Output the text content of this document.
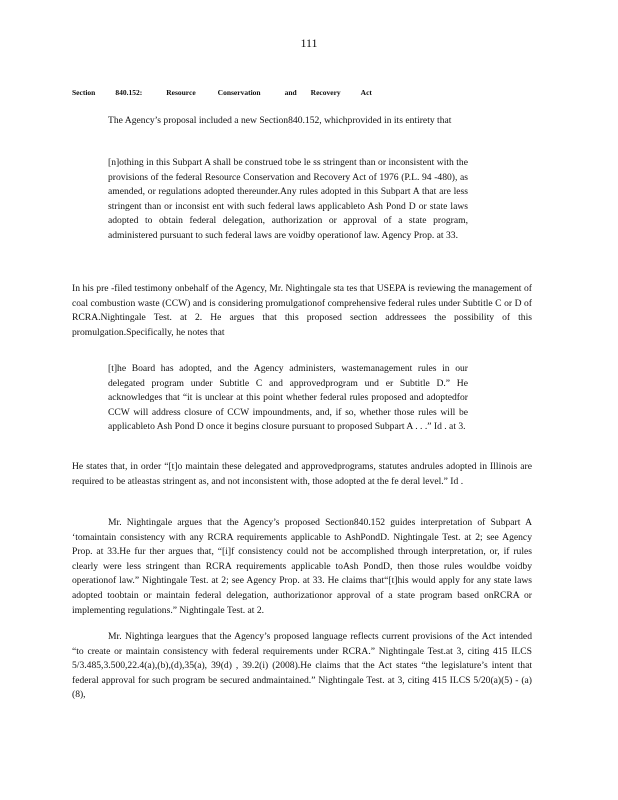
111
Section	840.152:	Resource	Conservation	and Recovery	Act

The Agency’s proposal included a new Section840.152, whichprovided in its entirety that

[n]othing in this Subpart A shall be construed tobe le ss stringent than or inconsistent with the provisions of the federal Resource Conservation and Recovery Act of 1976 (P.L. 94 -480), as amended, or regulations adopted thereunder.Any rules adopted in this Subpart A that are less stringent than or inconsist ent with such federal laws applicableto Ash Pond D or state laws adopted to obtain federal delegation, authorization or approval of a state program, administered pursuant to such federal laws are voidby operationof law. Agency Prop. at 33.

In his pre -filed testimony onbehalf of the Agency, Mr. Nightingale sta tes that USEPA is reviewing the management of coal combustion waste (CCW) and is considering promulgationof comprehensive federal rules under Subtitle C or D of RCRA.Nightingale Test. at 2. He argues that this proposed section addressees the possibility of this promulgation.Specifically, he notes that

[t]he Board has adopted, and the Agency administers, wastemanagement rules in our delegated program under Subtitle C and approvedprogram und er Subtitle D.” He acknowledges that “it is unclear at this point whether federal rules proposed and adoptedfor CCW will address closure of CCW impoundments, and, if so, whether those rules will be applicableto Ash Pond D once it begins closure pursuant to proposed Subpart A . . .” Id . at 3.

He states that, in order “[t]o maintain these delegated and approvedprograms, statutes andrules adopted in Illinois are required to be atleastas stringent as, and not inconsistent with, those adopted at the fe deral level.” Id .

Mr. Nightingale argues that the Agency’s proposed Section840.152 guides interpretation of Subpart A ‘tomaintain consistency with any RCRA requirements applicable to AshPondD. Nightingale Test. at 2; see Agency Prop. at 33.He fur ther argues that, “[i]f consistency could not be accomplished through interpretation, or, if rules clearly were less stringent than RCRA requirements applicable toAsh PondD, then those rules wouldbe voidby operationof law.” Nightingale Test. at 2; see Agency Prop. at 33. He claims that“[t]his would apply for any state laws adopted toobtain or maintain federal delegation, authorizationor approval of a state program based onRCRA or implementing regulations.” Nightingale Test. at 2.

Mr. Nightinga leargues that the Agency’s proposed language reflects current provisions of the Act intended “to create or maintain consistency with federal requirements under RCRA.” Nightingale Test.at 3, citing 415 ILCS 5/3.485,3.500,22.4(a),(b),(d),35(a), 39(d) , 39.2(i) (2008).He claims that the Act states “the legislature’s intent that federal approval for such program be secured andmaintained.” Nightingale Test. at 3, citing 415 ILCS 5/20(a)(5) - (a)(8),
